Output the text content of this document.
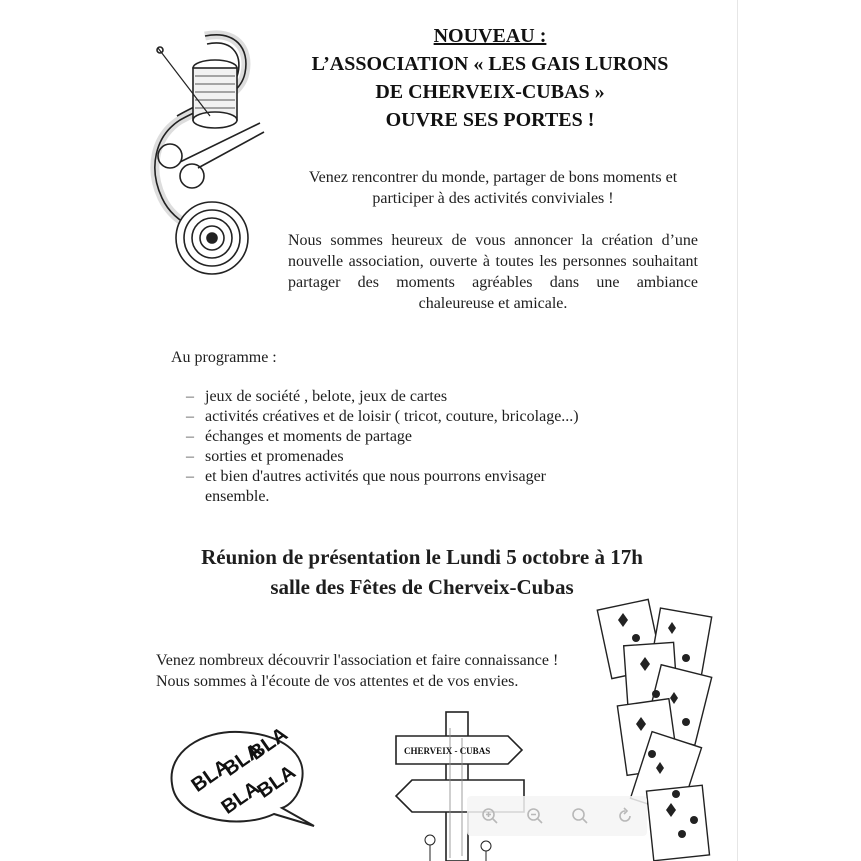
NOUVEAU :
L’ASSOCIATION « LES GAIS LURONS
DE CHERVEIX-CUBAS »
OUVRE SES PORTES !
Venez rencontrer du monde, partager de bons moments et participer à des activités conviviales !
Nous sommes heureux de vous annoncer la création d’une nouvelle association, ouverte à toutes les personnes souhaitant partager des moments agréables dans une ambiance chaleureuse et amicale.
Au programme :
– jeux de société , belote, jeux de cartes
– activités créatives et de loisir ( tricot, couture, bricolage...)
– échanges et moments de partage
– sorties et promenades
– et bien d'autres activités que nous pourrons envisager ensemble.
Réunion de présentation le Lundi 5 octobre à 17h
salle des Fêtes de Cherveix-Cubas
Venez nombreux découvrir l'association et faire connaissance !
Nous sommes à l'écoute de vos attentes et de vos envies.
BLA
BLA
BLA
BLA
BLA
CHERVEIX - CUBAS
